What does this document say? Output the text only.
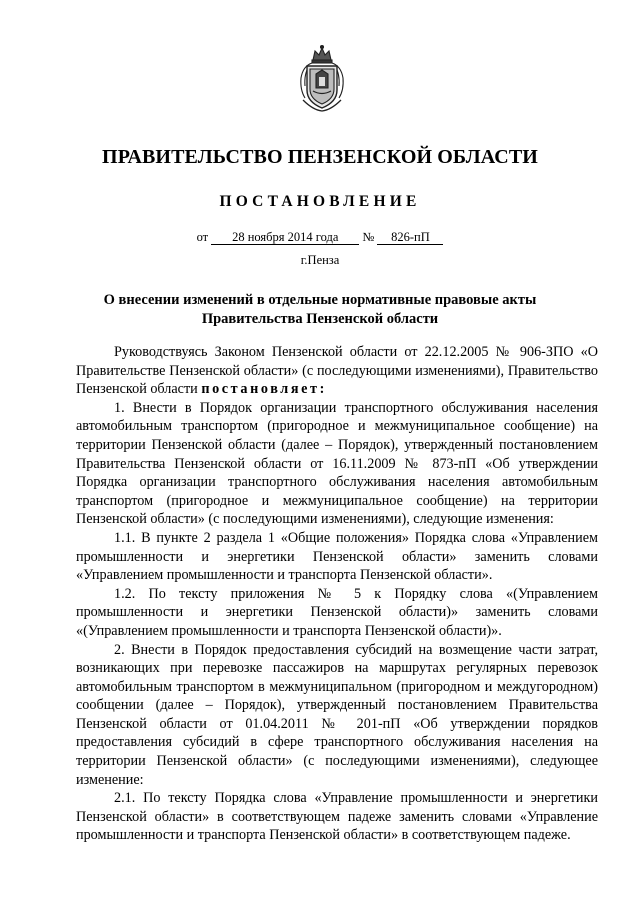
ПРАВИТЕЛЬСТВО ПЕНЗЕНСКОЙ ОБЛАСТИ
ПОСТАНОВЛЕНИЕ
от 28 ноября 2014 года № 826-пП
г.Пенза
О внесении изменений в отдельные нормативные правовые акты
Правительства Пензенской области

Руководствуясь Законом Пензенской области от 22.12.2005 № 906-ЗПО «О Правительстве Пензенской области» (с последующими изменениями), Правительство Пензенской области постановляет:

1. Внести в Порядок организации транспортного обслуживания населения автомобильным транспортом (пригородное и межмуниципальное сообщение) на территории Пензенской области (далее – Порядок), утвержденный постановлением Правительства Пензенской области от 16.11.2009 № 873-пП «Об утверждении Порядка организации транспортного обслуживания населения автомобильным транспортом (пригородное и межмуниципальное сообщение) на территории Пензенской области» (с последующими изменениями), следующие изменения:

1.1. В пункте 2 раздела 1 «Общие положения» Порядка слова «Управлением промышленности и энергетики Пензенской области» заменить словами «Управлением промышленности и транспорта Пензенской области».

1.2. По тексту приложения № 5 к Порядку слова «(Управлением промышленности и энергетики Пензенской области)» заменить словами «(Управлением промышленности и транспорта Пензенской области)».

2. Внести в Порядок предоставления субсидий на возмещение части затрат, возникающих при перевозке пассажиров на маршрутах регулярных перевозок автомобильным транспортом в межмуниципальном (пригородном и междугородном) сообщении (далее – Порядок), утвержденный постановлением Правительства Пензенской области от 01.04.2011 № 201-пП «Об утверждении порядков предоставления субсидий в сфере транспортного обслуживания населения на территории Пензенской области» (с последующими изменениями), следующее изменение:

2.1. По тексту Порядка слова «Управление промышленности и энергетики Пензенской области» в соответствующем падеже заменить словами «Управление промышленности и транспорта Пензенской области» в соответствующем падеже.
